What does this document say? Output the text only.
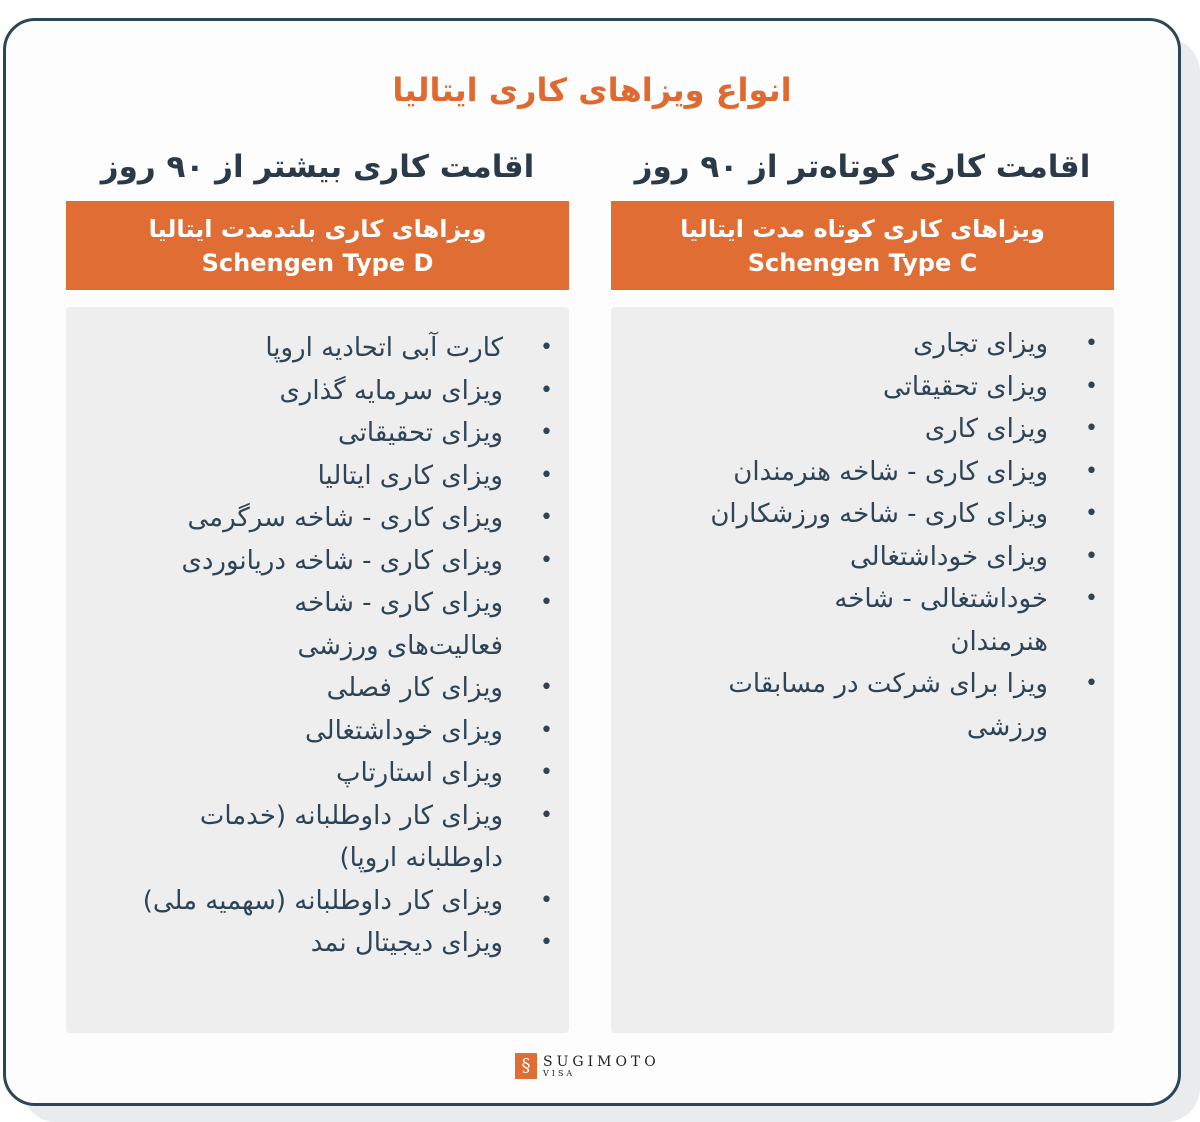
انواع ویزاهای کاری ایتالیا
اقامت کاری کوتاه‌تر از ۹۰ روز
ویزاهای کاری کوتاه مدت ایتالیا
Schengen Type C
• ویزای تجاری
• ویزای تحقیقاتی
• ویزای کاری
• ویزای کاری - شاخه هنرمندان
• ویزای کاری - شاخه ورزشکاران
• ویزای خوداشتغالی
• خوداشتغالی - شاخه هنرمندان
• ویزا برای شرکت در مسابقات ورزشی
اقامت کاری بیشتر از ۹۰ روز
ویزاهای کاری بلندمدت ایتالیا
Schengen Type D
• کارت آبی اتحادیه اروپا
• ویزای سرمایه گذاری
• ویزای تحقیقاتی
• ویزای کاری ایتالیا
• ویزای کاری - شاخه سرگرمی
• ویزای کاری - شاخه دریانوردی
• ویزای کاری - شاخه فعالیت‌های ورزشی
• ویزای کار فصلی
• ویزای خوداشتغالی
• ویزای استارتاپ
• ویزای کار داوطلبانه (خدمات داوطلبانه اروپا)
• ویزای کار داوطلبانه (سهمیه ملی)
• ویزای دیجیتال نمد
§ SUGIMOTO
VISA
